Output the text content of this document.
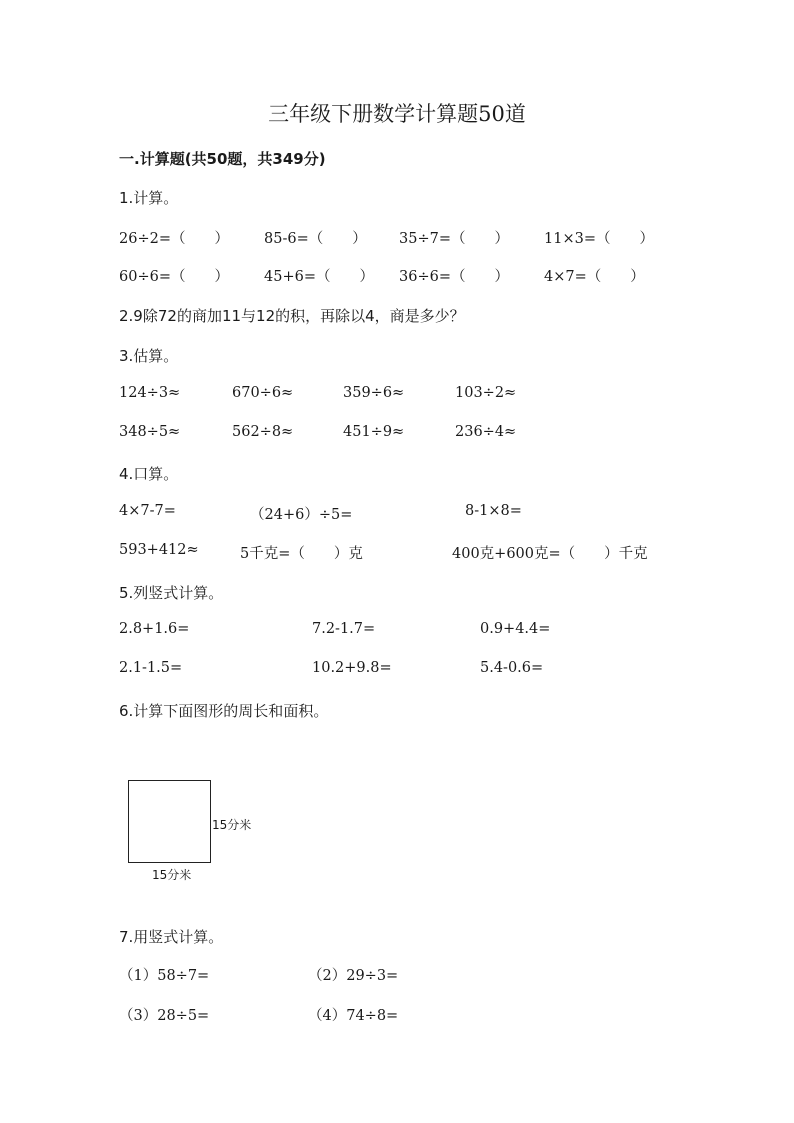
三年级下册数学计算题50道
一.计算题(共50题，共349分)
1.计算。
26÷2=（　　） 85-6=（　　） 35÷7=（　　） 11×3=（　　）
60÷6=（　　） 45+6=（　　） 36÷6=（　　） 4×7=（　　）
2.9除72的商加11与12的积，再除以4，商是多少？
3.估算。
124÷3≈	670÷6≈	359÷6≈	103÷2≈
348÷5≈	562÷8≈	451÷9≈	236÷4≈
4.口算。
4×7-7=	（24+6）÷5=	8-1×8=
593+412≈	5千克=（　　）克	400克+600克=（　　）千克
5.列竖式计算。
2.8+1.6=	7.2-1.7=	0.9+4.4=
2.1-1.5=	10.2+9.8=	5.4-0.6=
6.计算下面图形的周长和面积。
15分米
15分米
7.用竖式计算。
（1）58÷7=	（2）29÷3=
（3）28÷5=	（4）74÷8=
